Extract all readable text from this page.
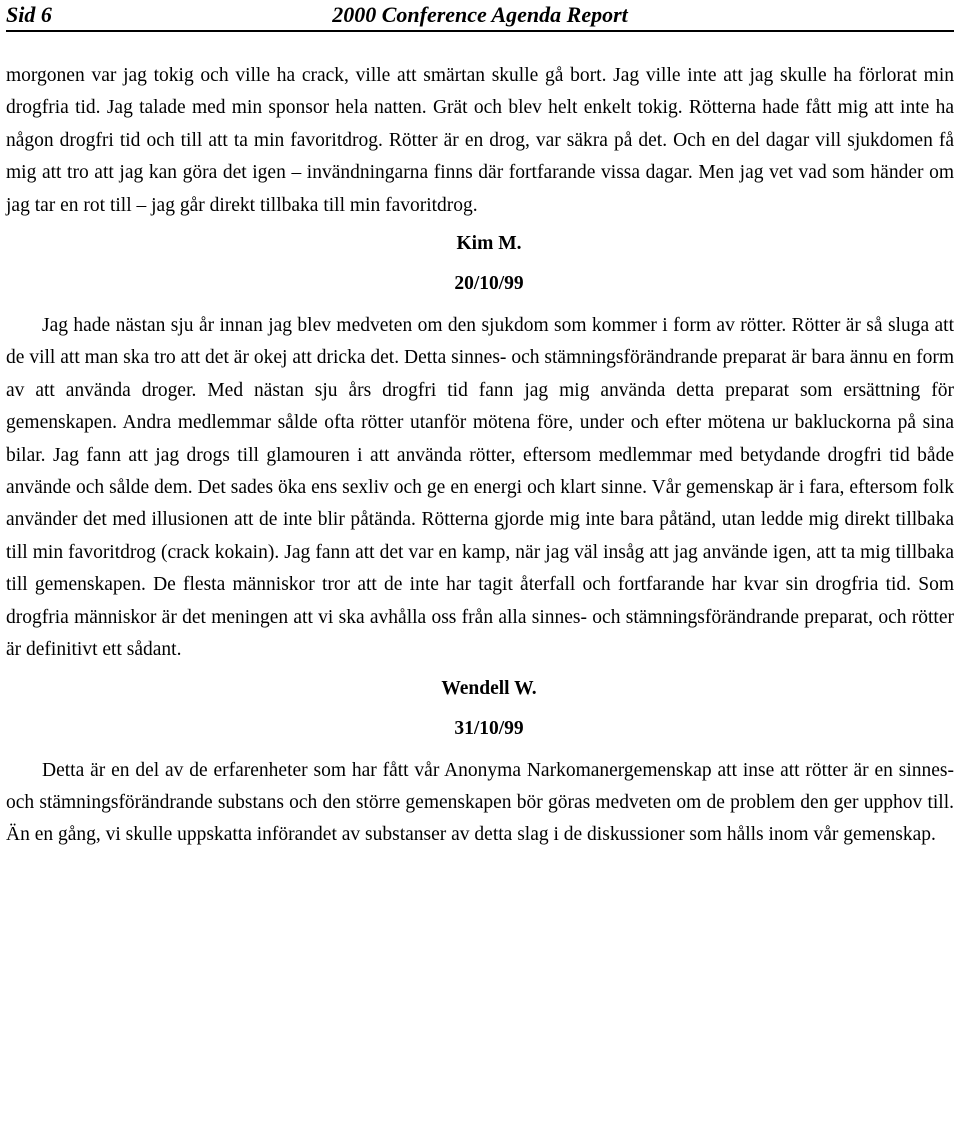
Sid 6	2000 Conference Agenda Report

morgonen var jag tokig och ville ha crack, ville att smärtan skulle gå bort. Jag ville inte att jag skulle ha förlorat min drogfria tid. Jag talade med min sponsor hela natten. Grät och blev helt enkelt tokig. Rötterna hade fått mig att inte ha någon drogfri tid och till att ta min favoritdrog. Rötter är en drog, var säkra på det. Och en del dagar vill sjukdomen få mig att tro att jag kan göra det igen – invändningarna finns där fortfarande vissa dagar. Men jag vet vad som händer om jag tar en rot till – jag går direkt tillbaka till min favoritdrog.

Kim M.

20/10/99

Jag hade nästan sju år innan jag blev medveten om den sjukdom som kommer i form av rötter. Rötter är så sluga att de vill att man ska tro att det är okej att dricka det. Detta sinnes- och stämningsförändrande preparat är bara ännu en form av att använda droger. Med nästan sju års drogfri tid fann jag mig använda detta preparat som ersättning för gemenskapen. Andra medlemmar sålde ofta rötter utanför mötena före, under och efter mötena ur bakluckorna på sina bilar. Jag fann att jag drogs till glamouren i att använda rötter, eftersom medlemmar med betydande drogfri tid både använde och sålde dem. Det sades öka ens sexliv och ge en energi och klart sinne. Vår gemenskap är i fara, eftersom folk använder det med illusionen att de inte blir påtända. Rötterna gjorde mig inte bara påtänd, utan ledde mig direkt tillbaka till min favoritdrog (crack kokain). Jag fann att det var en kamp, när jag väl insåg att jag använde igen, att ta mig tillbaka till gemenskapen. De flesta människor tror att de inte har tagit återfall och fortfarande har kvar sin drogfria tid. Som drogfria människor är det meningen att vi ska avhålla oss från alla sinnes- och stämningsförändrande preparat, och rötter är definitivt ett sådant.

Wendell W.

31/10/99

Detta är en del av de erfarenheter som har fått vår Anonyma Narkomanergemenskap att inse att rötter är en sinnes- och stämningsförändrande substans och den större gemenskapen bör göras medveten om de problem den ger upphov till. Än en gång, vi skulle uppskatta införandet av substanser av detta slag i de diskussioner som hålls inom vår gemenskap.
